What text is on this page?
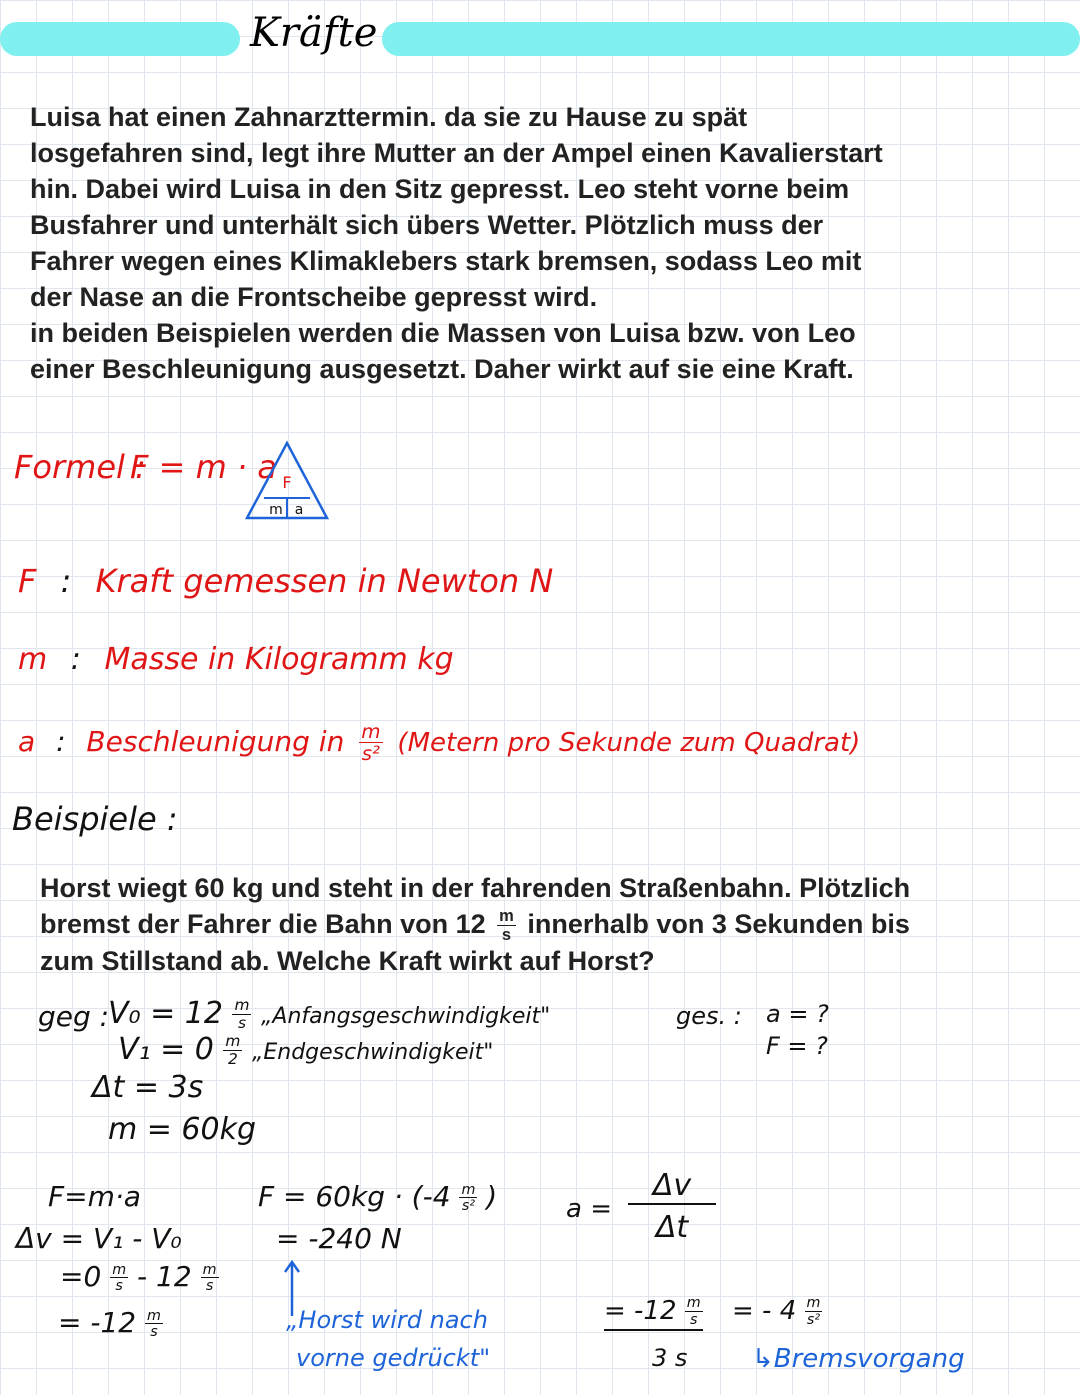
Kräfte
Luisa hat einen Zahnarzttermin. da sie zu Hause zu spät
losgefahren sind, legt ihre Mutter an der Ampel einen Kavalierstart
hin. Dabei wird Luisa in den Sitz gepresst. Leo steht vorne beim
Busfahrer und unterhält sich übers Wetter. Plötzlich muss der
Fahrer wegen eines Klimaklebers stark bremsen, sodass Leo mit
der Nase an die Frontscheibe gepresst wird.
in beiden Beispielen werden die Massen von Luisa bzw. von Leo
einer Beschleunigung ausgesetzt. Daher wirkt auf sie eine Kraft.
Formel :
F = m · a F
m a
F : Kraft gemessen in Newton N
m : Masse in Kilogramm kg
a : Beschleunigung in $\frac{m}{\text{s²}}$ (Metern pro Sekunde zum Quadrat)
Beispiele :
Horst wiegt 60 kg und steht in der fahrenden Straßenbahn. Plötzlich
bremst der Fahrer die Bahn von $12 \frac{m}{s}$ innerhalb von 3 Sekunden bis
zum Stillstand ab. Welche Kraft wirkt auf Horst?
geg :
$V_0 = 12 \frac{m}{s}$ „Anfangsgeschwindigkeit"
$V_1 = 0 \frac{m}{2}$ „Endgeschwindigkeit"
Δt = 3s
m = 60kg
ges. : a = ?
F = ?
F=m·a
Δv = V₁ - V₀
$=0 \frac{m}{s} - 12 \frac{m}{s}$
= $-12 \frac{m}{s}$
$F = 60kg \cdot (-4 \frac{m}{\text{s²}}$ )
= -240 N
„Horst wird nach
vorne gedrückt"
a =
Δv
Δt
= $-12 \frac{m}{s}$
3 s
= - $4 \frac{m}{\text{s²}}$
↳Bremsvorgang
